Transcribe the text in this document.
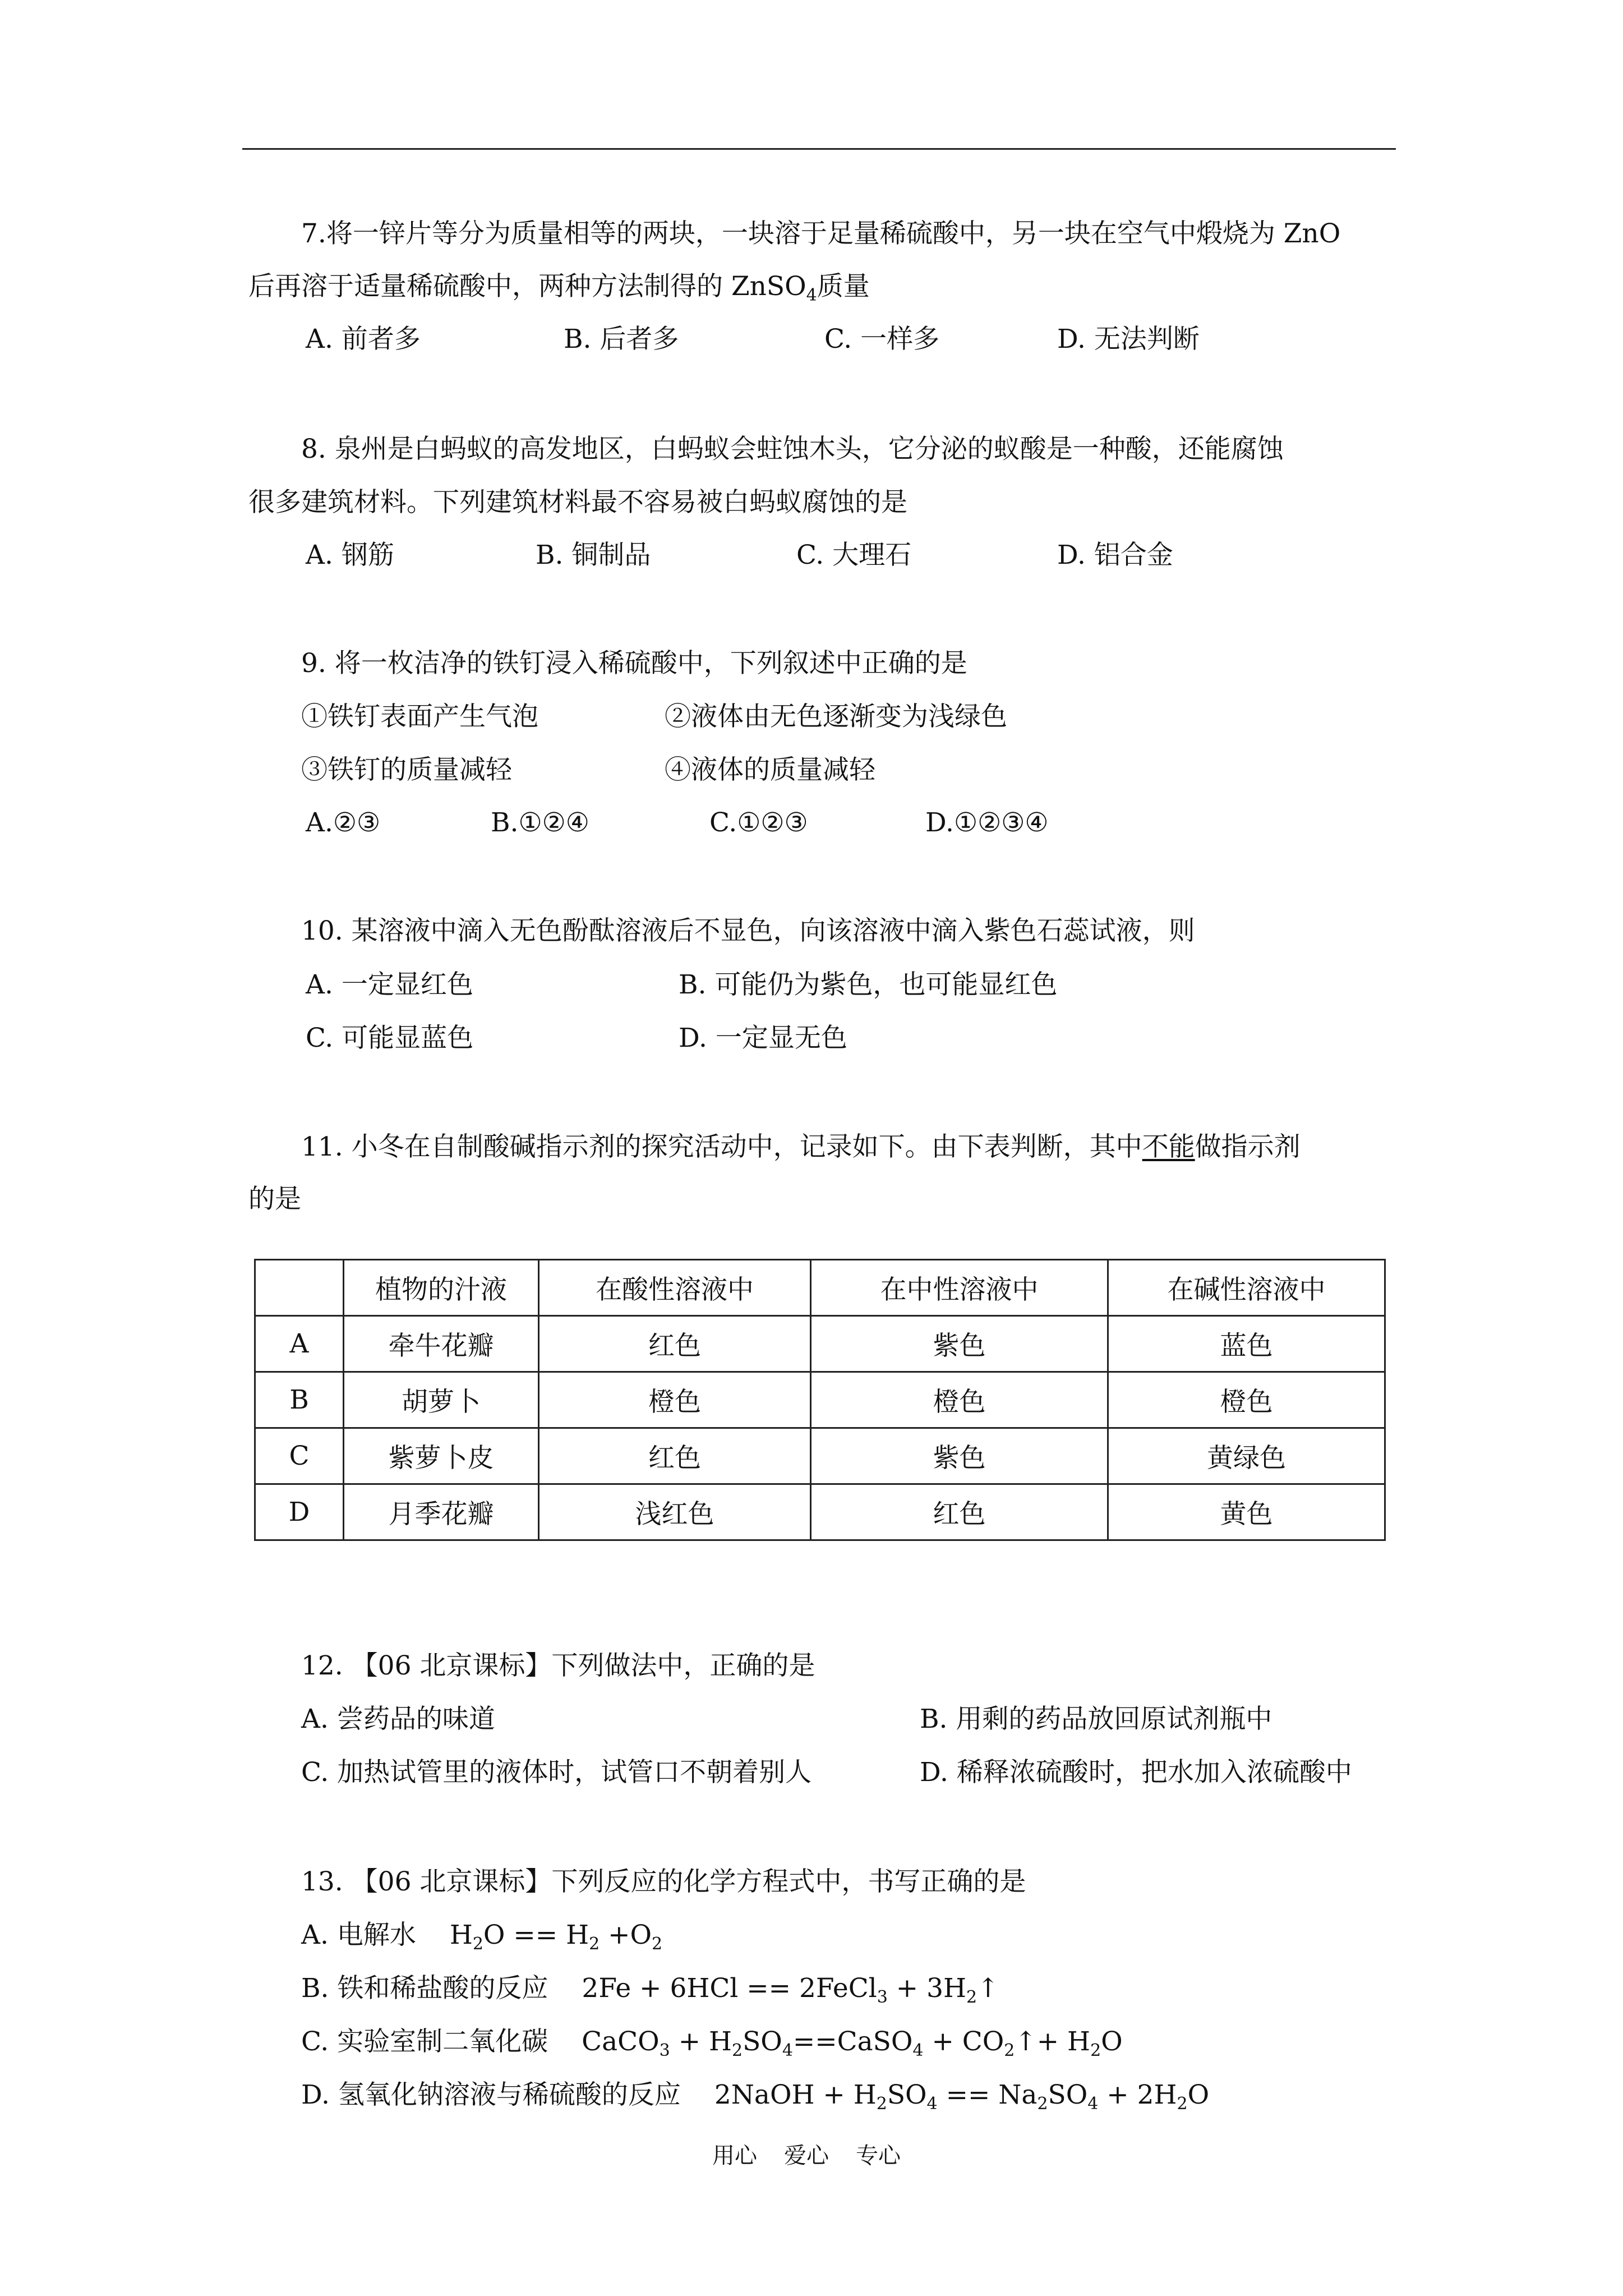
7.将一锌片等分为质量相等的两块，一块溶于足量稀硫酸中，另一块在空气中煅烧为 ZnO
后再溶于适量稀硫酸中，两种方法制得的 ZnSO$_4$质量
A. 前者多	B. 后者多	C. 一样多	D. 无法判断
8. 泉州是白蚂蚁的高发地区，白蚂蚁会蛀蚀木头，它分泌的蚁酸是一种酸，还能腐蚀
很多建筑材料。下列建筑材料最不容易被白蚂蚁腐蚀的是
A. 钢筋	B. 铜制品	C. 大理石	D. 铝合金
9. 将一枚洁净的铁钉浸入稀硫酸中，下列叙述中正确的是
①铁钉表面产生气泡	②液体由无色逐渐变为浅绿色
③铁钉的质量减轻	④液体的质量减轻
A.②③	B.①②④	C.①②③	D.①②③④
10. 某溶液中滴入无色酚酞溶液后不显色，向该溶液中滴入紫色石蕊试液，则
A. 一定显红色	B. 可能仍为紫色，也可能显红色
C. 可能显蓝色	D. 一定显无色
11. 小冬在自制酸碱指示剂的探究活动中，记录如下。由下表判断，其中不能做指示剂
的是
	植物的汁液	在酸性溶液中	在中性溶液中	在碱性溶液中
A	牵牛花瓣	红色	紫色	蓝色
B	胡萝卜	橙色	橙色	橙色
C	紫萝卜皮	红色	紫色	黄绿色
D	月季花瓣	浅红色	红色	黄色
12. 【06 北京课标】下列做法中，正确的是
A. 尝药品的味道	B. 用剩的药品放回原试剂瓶中
C. 加热试管里的液体时，试管口不朝着别人	D. 稀释浓硫酸时，把水加入浓硫酸中
13. 【06 北京课标】下列反应的化学方程式中，书写正确的是
A. 电解水 $H_2O == H_2 +O_2$
B. 铁和稀盐酸的反应 2Fe + 6HCl == 2FeCl$_3$ + $3H_2↑$
C. 实验室制二氧化碳 CaCO$_3$ + $H_2SO_4==CaSO_4$ + $CO_2↑+ H_2O$
D. 氢氧化钠溶液与稀硫酸的反应 2NaOH + $H_2SO_4 == Na_2SO_4 + 2H_2O$
用心 爱心 专心
